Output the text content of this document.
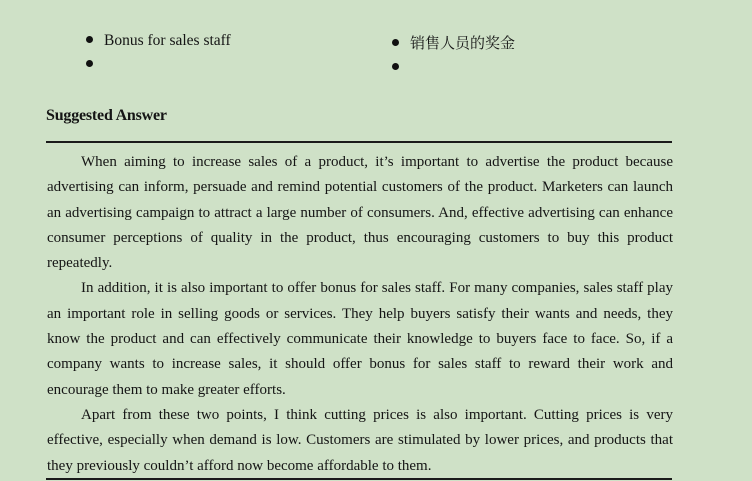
Bonus for sales staff	销售人员的奖金
Suggested Answer

When aiming to increase sales of a product, it’s important to advertise the product because advertising can inform, persuade and remind potential customers of the product. Marketers can launch an advertising campaign to attract a large number of consumers. And, effective advertising can enhance consumer perceptions of quality in the product, thus encouraging customers to buy this product repeatedly.

In addition, it is also important to offer bonus for sales staff. For many companies, sales staff play an important role in selling goods or services. They help buyers satisfy their wants and needs, they know the product and can effectively communicate their knowledge to buyers face to face. So, if a company wants to increase sales, it should offer bonus for sales staff to reward their work and encourage them to make greater efforts.

Apart from these two points, I think cutting prices is also important. Cutting prices is very effective, especially when demand is low. Customers are stimulated by lower prices, and products that they previously couldn’t afford now become affordable to them.
